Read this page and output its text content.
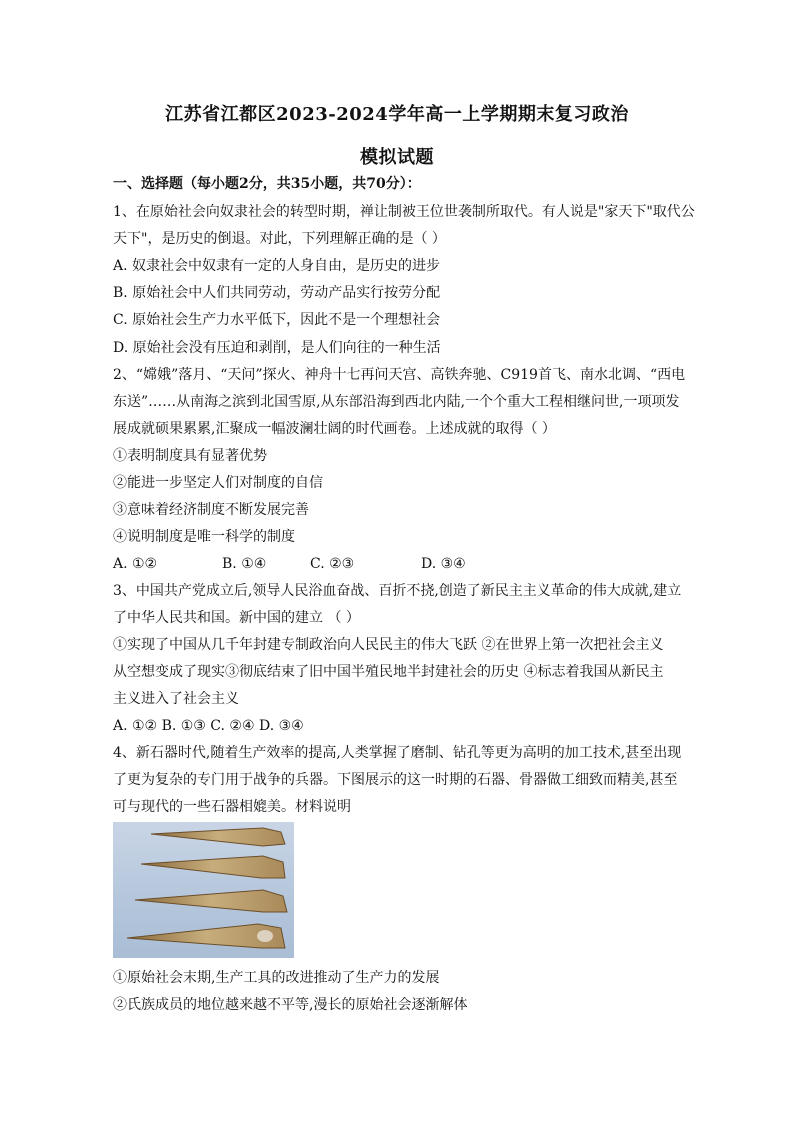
江苏省江都区2023-2024学年高一上学期期末复习政治
模拟试题
一、选择题（每小题2分，共35小题，共70分）：
1、在原始社会向奴隶社会的转型时期，禅让制被王位世袭制所取代。有人说是"家天下"取代公
天下"，是历史的倒退。对此，下列理解正确的是（ ）
A. 奴隶社会中奴隶有一定的人身自由，是历史的进步
B. 原始社会中人们共同劳动，劳动产品实行按劳分配
C. 原始社会生产力水平低下，因此不是一个理想社会
D. 原始社会没有压迫和剥削，是人们向往的一种生活
2、“嫦娥”落月、“天问”探火、神舟十七再问天宫、高铁奔驰、C919首飞、南水北调、“西电
东送”……从南海之滨到北国雪原,从东部沿海到西北内陆,一个个重大工程相继问世,一项项发
展成就硕果累累,汇聚成一幅波澜壮阔的时代画卷。上述成就的取得（ ）
①表明制度具有显著优势
②能进一步坚定人们对制度的自信
③意味着经济制度不断发展完善
④说明制度是唯一科学的制度
A. ①②	B. ①④	C. ②③	D. ③④
3、中国共产党成立后,领导人民浴血奋战、百折不挠,创造了新民主主义革命的伟大成就,建立
了中华人民共和国。新中国的建立 （ ）
①实现了中国从几千年封建专制政治向人民民主的伟大飞跃 ②在世界上第一次把社会主义
从空想变成了现实③彻底结束了旧中国半殖民地半封建社会的历史 ④标志着我国从新民主
主义进入了社会主义
A. ①② B. ①③ C. ②④ D. ③④
4、新石器时代,随着生产效率的提高,人类掌握了磨制、钻孔等更为高明的加工技术,甚至出现
了更为复杂的专门用于战争的兵器。下图展示的这一时期的石器、骨器做工细致而精美,甚至
可与现代的一些石器相媲美。材料说明
①原始社会末期,生产工具的改进推动了生产力的发展
②氏族成员的地位越来越不平等,漫长的原始社会逐渐解体
